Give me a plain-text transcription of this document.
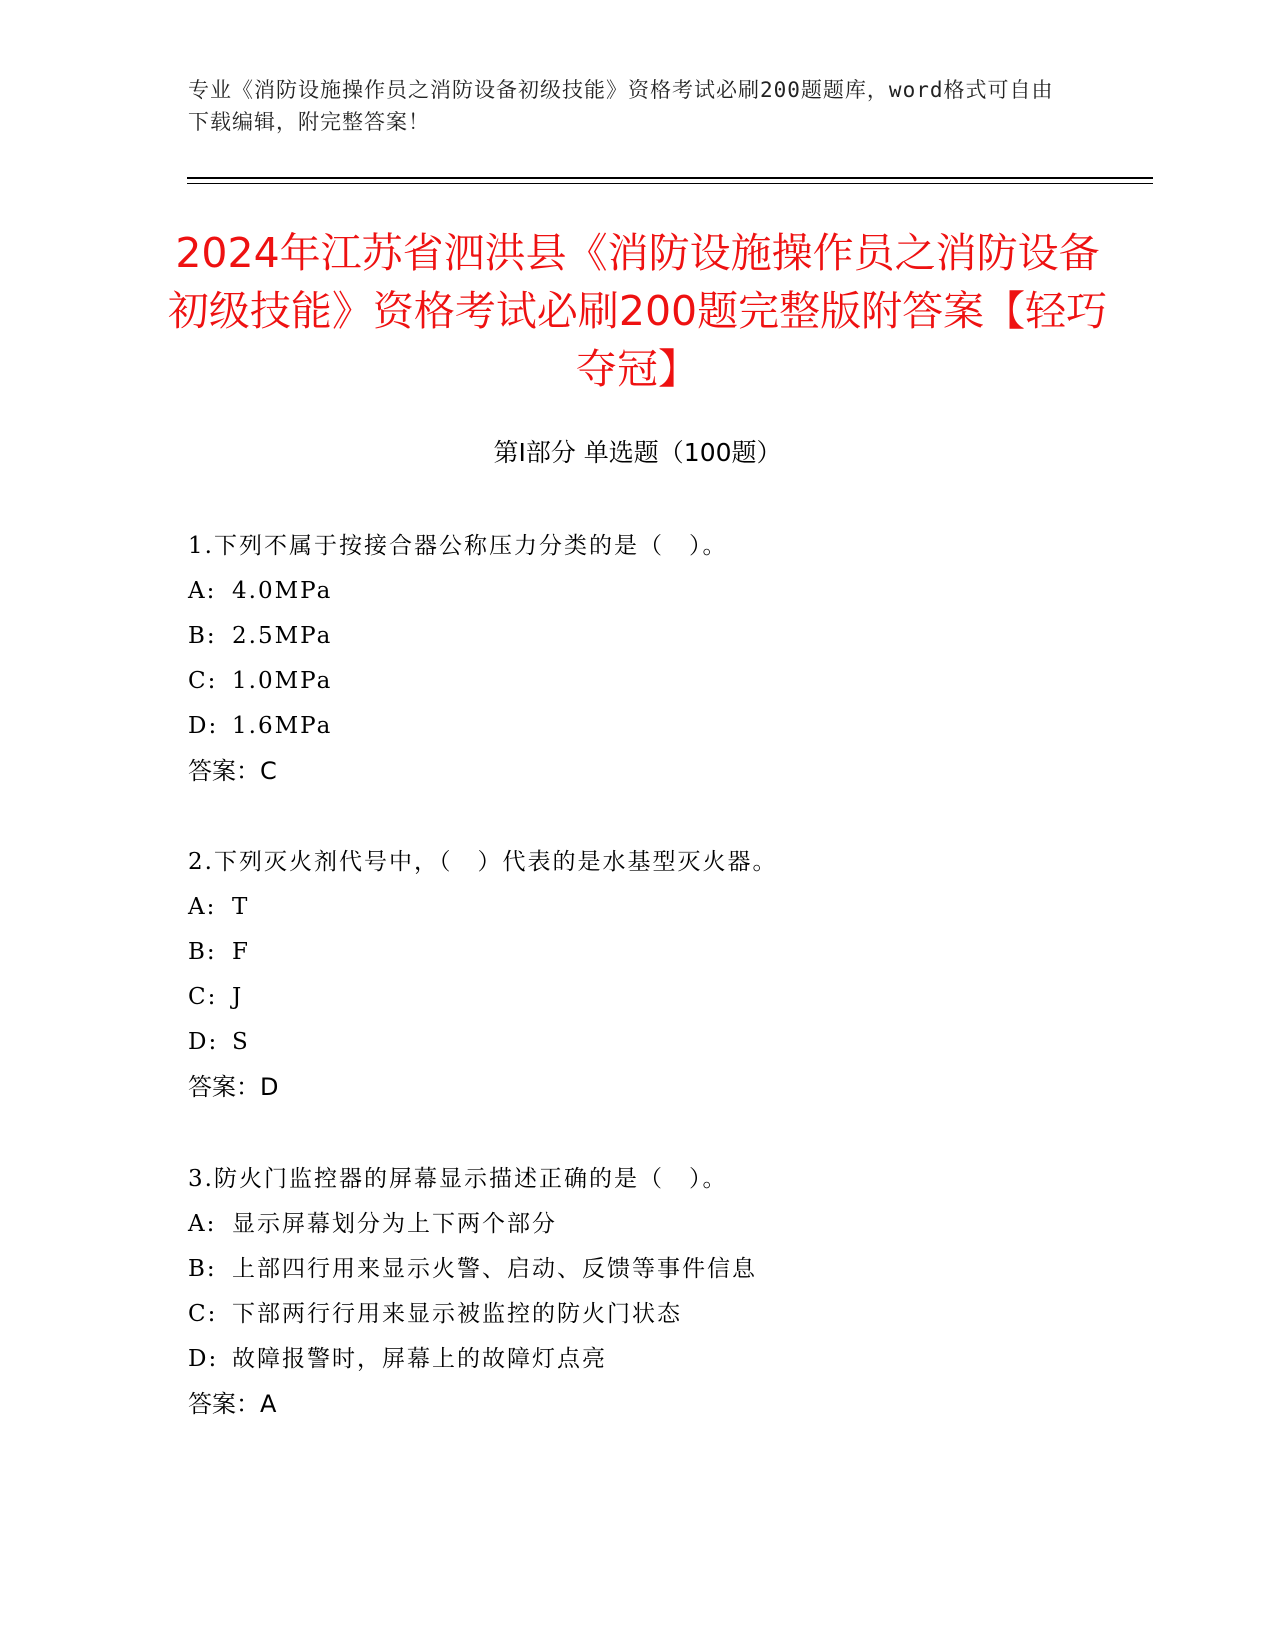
专业《消防设施操作员之消防设备初级技能》资格考试必刷200题题库，word格式可自由下载编辑，附完整答案！
2024年江苏省泗洪县《消防设施操作员之消防设备初级技能》资格考试必刷200题完整版附答案【轻巧夺冠】
第Ⅰ部分 单选题（100题）

1.下列不属于按接合器公称压力分类的是（　）。

A: 4.0MPa

B: 2.5MPa

C: 1.0MPa

D: 1.6MPa

答案：C

2.下列灭火剂代号中，（　）代表的是水基型灭火器。

A: T

B: F

C: J

D: S

答案：D

3.防火门监控器的屏幕显示描述正确的是（　）。

A: 显示屏幕划分为上下两个部分

B: 上部四行用来显示火警、启动、反馈等事件信息

C: 下部两行行用来显示被监控的防火门状态

D: 故障报警时，屏幕上的故障灯点亮

答案：A
